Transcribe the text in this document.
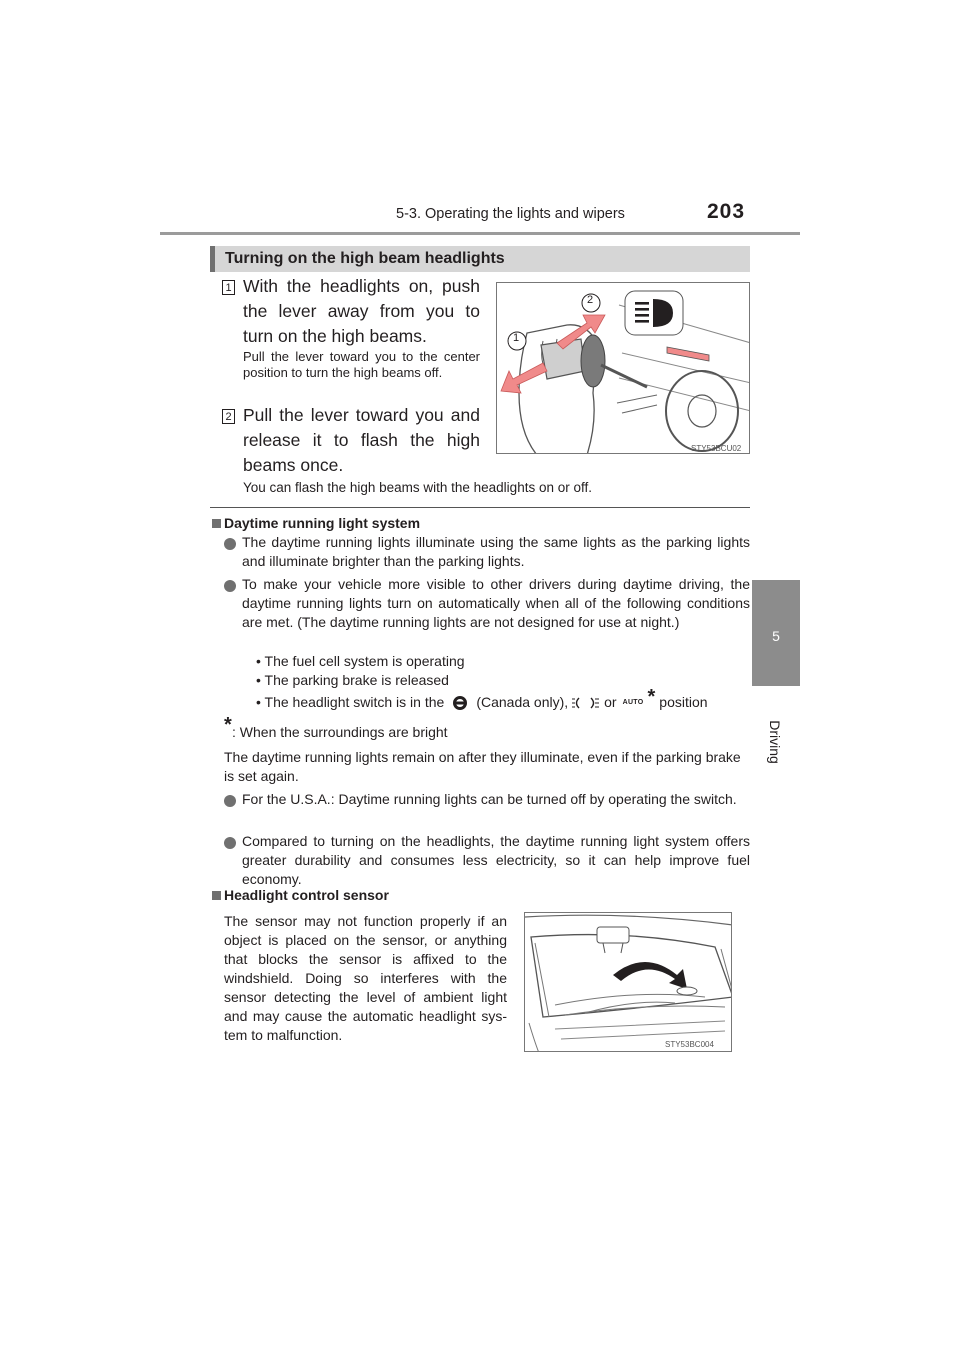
5-3. Operating the lights and wipers	203
5
Driving
Turning on the high beam headlights
1 With the headlights on, push the lever away from you to turn on the high beams.
Pull the lever toward you to the center position to turn the high beams off.
2 Pull the lever toward you and release it to flash the high beams once.
You can flash the high beams with the headlights on or off.
1
2
STY53BCU02
Daytime running light system
The daytime running lights illuminate using the same lights as the parking lights and illuminate brighter than the parking lights.
To make your vehicle more visible to other drivers during daytime driving, the daytime running lights turn on automatically when all of the following conditions are met. (The daytime running lights are not designed for use at night.)
• The fuel cell system is operating
• The parking brake is released
• The headlight switch is in the (Canada only),	or AUTO * position
* : When the surroundings are bright
The daytime running lights remain on after they illuminate, even if the parking brake is set again.
For the U.S.A.: Daytime running lights can be turned off by operating the switch.
Compared to turning on the headlights, the daytime running light system offers greater durability and consumes less electricity, so it can help improve fuel economy.
Headlight control sensor
The sensor may not function properly if an object is placed on the sensor, or anything that blocks the sensor is affixed to the windshield. Doing so interferes with the sensor detecting the level of ambient light and may cause the automatic headlight sys- tem to malfunction.
STY53BC004
